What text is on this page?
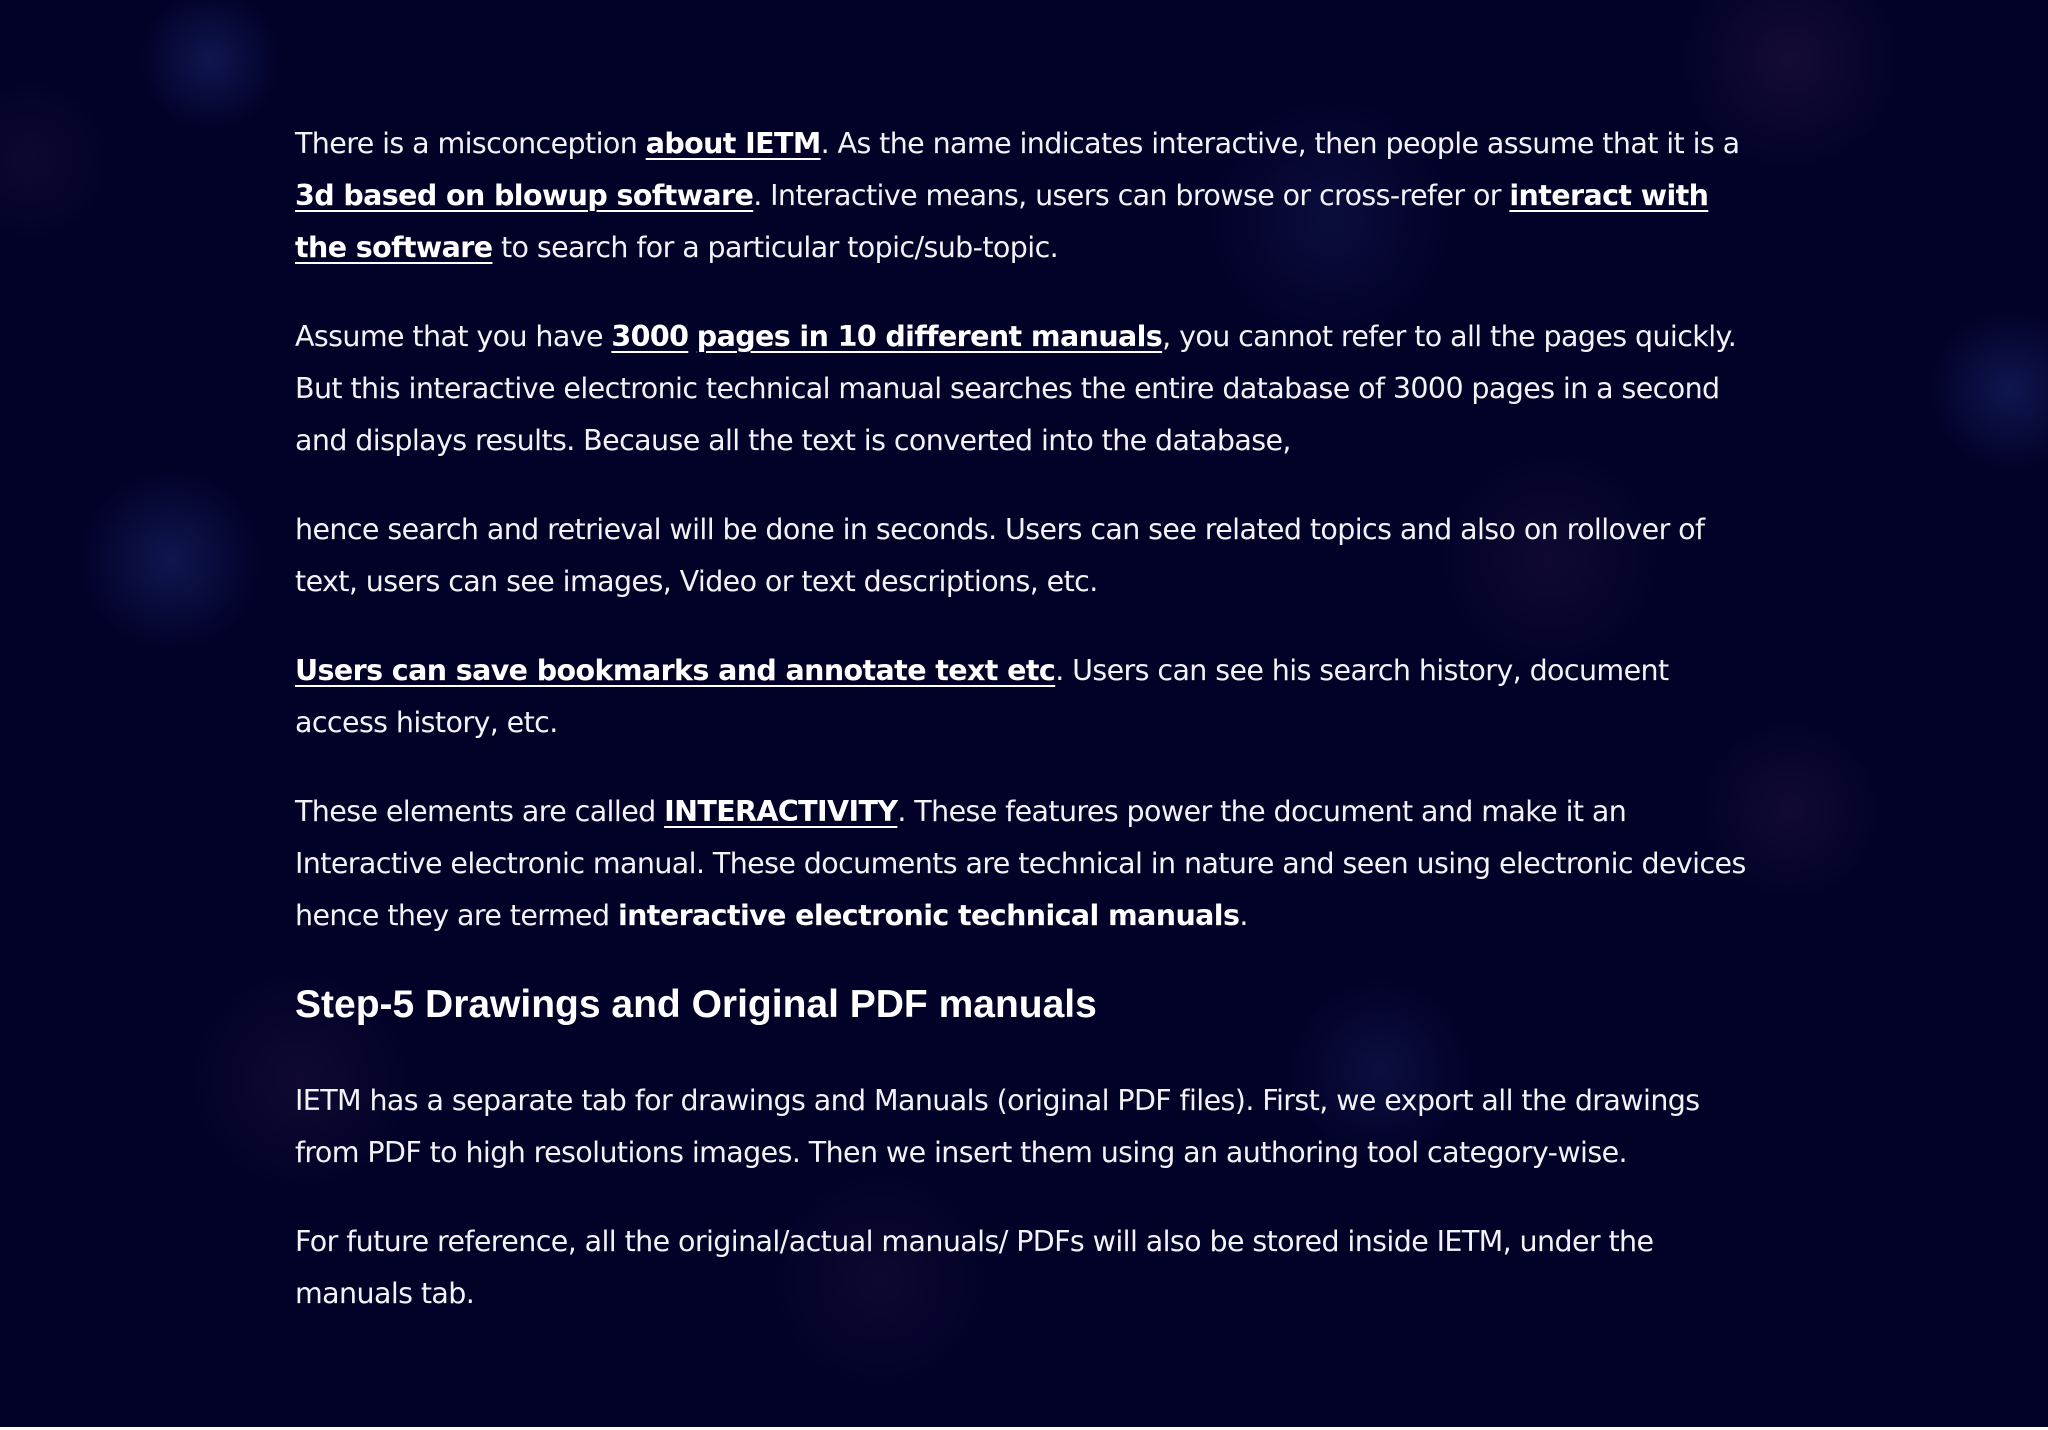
There is a misconception about IETM. As the name indicates interactive, then people assume that it is a 3d based on blowup software. Interactive means, users can browse or cross-refer or interact with the software to search for a particular topic/sub-topic.

Assume that you have 3000 pages in 10 different manuals, you cannot refer to all the pages quickly. But this interactive electronic technical manual searches the entire database of 3000 pages in a second and displays results. Because all the text is converted into the database,

hence search and retrieval will be done in seconds. Users can see related topics and also on rollover of text, users can see images, Video or text descriptions, etc.

Users can save bookmarks and annotate text etc. Users can see his search history, document access history, etc.

These elements are called INTERACTIVITY. These features power the document and make it an Interactive electronic manual. These documents are technical in nature and seen using electronic devices hence they are termed interactive electronic technical manuals.

Step-5 Drawings and Original PDF manuals

IETM has a separate tab for drawings and Manuals (original PDF files). First, we export all the drawings from PDF to high resolutions images. Then we insert them using an authoring tool category-wise.

For future reference, all the original/actual manuals/ PDFs will also be stored inside IETM, under the manuals tab.
